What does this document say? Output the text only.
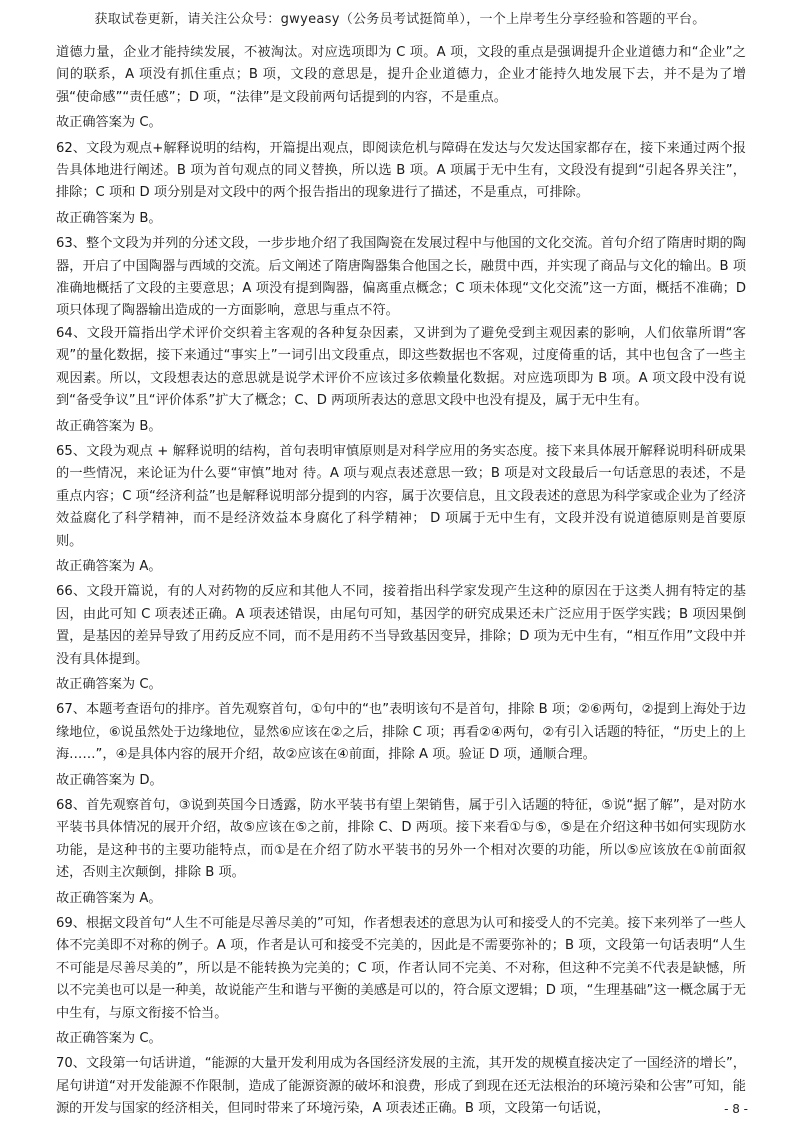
获取试卷更新，请关注公众号：gwyeasy（公务员考试挺简单），一个上岸考生分享经验和答题的平台。

道德力量，企业才能持续发展，不被淘汰。对应选项即为 C 项。A 项，文段的重点是强调提升企业道德力和“企业”之间的联系，A 项没有抓住重点；B 项，文段的意思是，提升企业道德力，企业才能持久地发展下去，并不是为了增强“使命感”“责任感”；D 项，“法律”是文段前两句话提到的内容，不是重点。

故正确答案为 C。

62、文段为观点+解释说明的结构，开篇提出观点，即阅读危机与障碍在发达与欠发达国家都存在，接下来通过两个报告具体地进行阐述。B 项为首句观点的同义替换，所以选 B 项。A 项属于无中生有，文段没有提到“引起各界关注”，排除；C 项和 D 项分别是对文段中的两个报告指出的现象进行了描述，不是重点，可排除。

故正确答案为 B。

63、整个文段为并列的分述文段，一步步地介绍了我国陶瓷在发展过程中与他国的文化交流。首句介绍了隋唐时期的陶器，开启了中国陶器与西域的交流。后文阐述了隋唐陶器集合他国之长，融贯中西，并实现了商品与文化的输出。B 项准确地概括了文段的主要意思；A 项没有提到陶器，偏离重点概念；C 项未体现“文化交流”这一方面，概括不准确；D 项只体现了陶器输出造成的一方面影响，意思与重点不符。

64、文段开篇指出学术评价交织着主客观的各种复杂因素，又讲到为了避免受到主观因素的影响，人们依靠所谓“客观”的量化数据，接下来通过“事实上”一词引出文段重点，即这些数据也不客观，过度倚重的话，其中也包含了一些主观因素。所以，文段想表达的意思就是说学术评价不应该过多依赖量化数据。对应选项即为 B 项。A 项文段中没有说到“备受争议”且“评价体系”扩大了概念；C、D 两项所表达的意思文段中也没有提及，属于无中生有。

故正确答案为 B。

65、文段为观点 + 解释说明的结构，首句表明审慎原则是对科学应用的务实态度。接下来具体展开解释说明科研成果的一些情况，来论证为什么要“审慎”地对 待。A 项与观点表述意思一致；B 项是对文段最后一句话意思的表述，不是重点内容；C 项“经济利益”也是解释说明部分提到的内容，属于次要信息，且文段表述的意思为科学家或企业为了经济效益腐化了科学精神，而不是经济效益本身腐化了科学精神； D 项属于无中生有，文段并没有说道德原则是首要原则。

故正确答案为 A。

66、文段开篇说，有的人对药物的反应和其他人不同，接着指出科学家发现产生这种的原因在于这类人拥有特定的基因，由此可知 C 项表述正确。A 项表述错误，由尾句可知，基因学的研究成果还未广泛应用于医学实践；B 项因果倒置，是基因的差异导致了用药反应不同，而不是用药不当导致基因变异，排除；D 项为无中生有，“相互作用”文段中并没有具体提到。

故正确答案为 C。

67、本题考查语句的排序。首先观察首句，①句中的“也”表明该句不是首句，排除 B 项；②⑥两句，②提到上海处于边缘地位，⑥说虽然处于边缘地位，显然⑥应该在②之后，排除 C 项；再看②④两句，②有引入话题的特征，“历史上的上海……”，④是具体内容的展开介绍，故②应该在④前面，排除 A 项。验证 D 项，通顺合理。

故正确答案为 D。

68、首先观察首句，③说到英国今日透露，防水平装书有望上架销售，属于引入话题的特征，⑤说“据了解”，是对防水平装书具体情况的展开介绍，故⑤应该在⑤之前，排除 C、D 两项。接下来看①与⑤，⑤是在介绍这种书如何实现防水功能，是这种书的主要功能特点，而①是在介绍了防水平装书的另外一个相对次要的功能，所以⑤应该放在①前面叙述，否则主次颠倒，排除 B 项。

故正确答案为 A。

69、根据文段首句“人生不可能是尽善尽美的”可知，作者想表述的意思为认可和接受人的不完美。接下来列举了一些人体不完美即不对称的例子。A 项，作者是认可和接受不完美的，因此是不需要弥补的；B 项，文段第一句话表明“人生不可能是尽善尽美的”，所以是不能转换为完美的；C 项，作者认同不完美、不对称，但这种不完美不代表是缺憾，所以不完美也可以是一种美，故说能产生和谐与平衡的美感是可以的，符合原文逻辑；D 项，“生理基础”这一概念属于无中生有，与原文衔接不恰当。

故正确答案为 C。

70、文段第一句话讲道，“能源的大量开发利用成为各国经济发展的主流，其开发的规模直接决定了一国经济的增长”，尾句讲道“对开发能源不作限制，造成了能源资源的破坏和浪费，形成了到现在还无法根治的环境污染和公害”可知，能源的开发与国家的经济相关，但同时带来了环境污染，A 项表述正确。B 项，文段第一句话说，	- 8 -
